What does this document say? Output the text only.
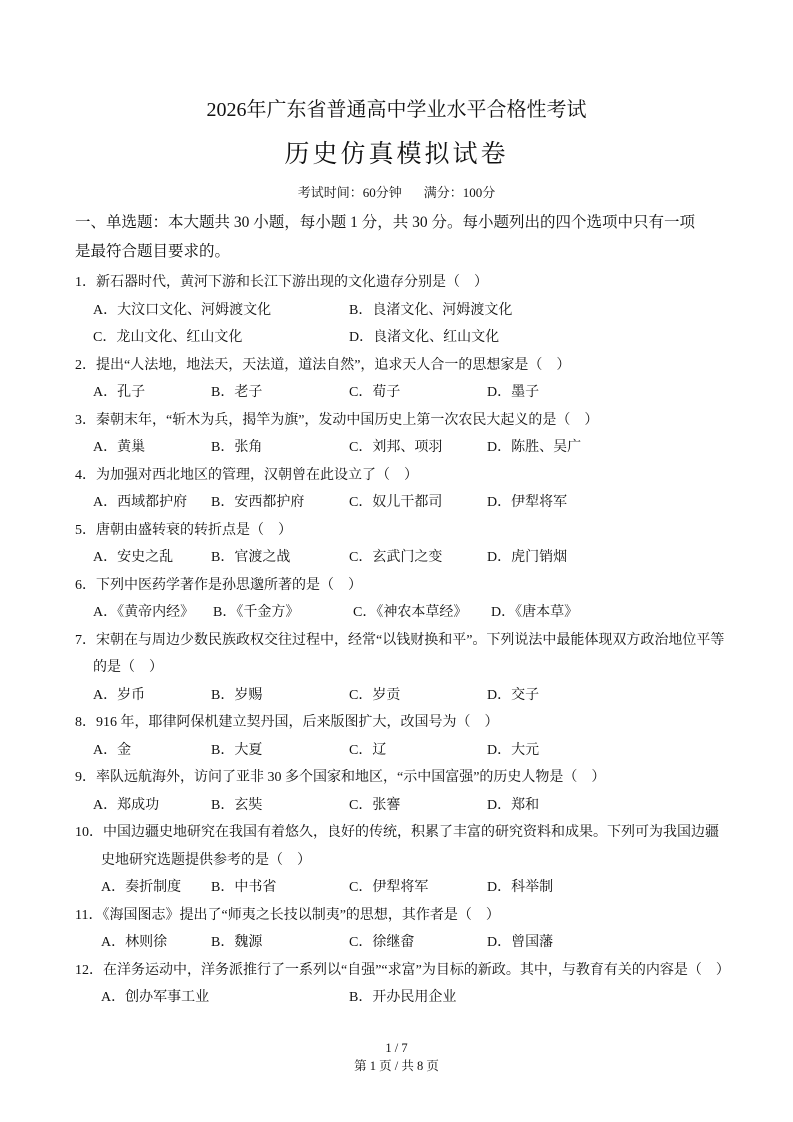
2026年广东省普通高中学业水平合格性考试
历史仿真模拟试卷
考试时间：60分钟 满分：100分
一、单选题：本大题共 30 小题，每小题 1 分，共 30 分。每小题列出的四个选项中只有一项
是最符合题目要求的。
1．新石器时代，黄河下游和长江下游出现的文化遗存分别是（　）
A．大汶口文化、河姆渡文化	B．良渚文化、河姆渡文化
C．龙山文化、红山文化	D．良渚文化、红山文化
2．提出“人法地，地法天，天法道，道法自然”，追求天人合一的思想家是（　）
A．孔子	B．老子	C．荀子	D．墨子
3．秦朝末年，“斩木为兵，揭竿为旗”，发动中国历史上第一次农民大起义的是（　）
A．黄巢	B．张角	C．刘邦、项羽	D．陈胜、吴广
4．为加强对西北地区的管理，汉朝曾在此设立了（　）
A．西域都护府 B．安西都护府	C．奴儿干都司	D．伊犁将军
5．唐朝由盛转衰的转折点是（　）
A．安史之乱	B．官渡之战	C．玄武门之变	D．虎门销烟
6．下列中医药学著作是孙思邈所著的是（　）
A．《黄帝内经》 B．《千金方》	C．《神农本草经》 D．《唐本草》
7．宋朝在与周边少数民族政权交往过程中，经常“以钱财换和平”。下列说法中最能体现双方政治地位平等
的是（　）
A．岁币	B．岁赐	C．岁贡	D．交子
8．916 年，耶律阿保机建立契丹国，后来版图扩大，改国号为（　）
A．金	B．大夏	C．辽	D．大元
9．率队远航海外，访问了亚非 30 多个国家和地区，“示中国富强”的历史人物是（　）
A．郑成功	B．玄奘	C．张謇	D．郑和
10．中国边疆史地研究在我国有着悠久，良好的传统，积累了丰富的研究资料和成果。下列可为我国边疆
史地研究选题提供参考的是（　）
A．奏折制度 B．中书省	C．伊犁将军	D．科举制
11．《海国图志》提出了“师夷之长技以制夷”的思想，其作者是（　）
A．林则徐	B．魏源	C．徐继畲	D．曾国藩
12．在洋务运动中，洋务派推行了一系列以“自强”“求富”为目标的新政。其中，与教育有关的内容是（　）
A．创办军事工业	B．开办民用企业
1 / 7
第 1 页 / 共 8 页
